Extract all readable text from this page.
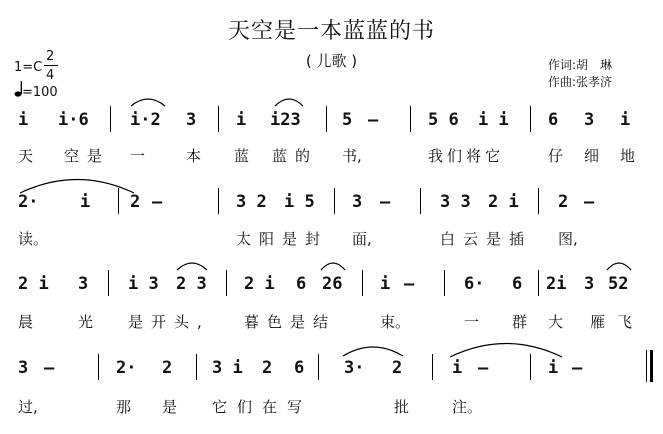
天空是一本蓝蓝的书
( 儿歌 )	作词:胡　琳
作曲:张孝济
1=C
2
4
=100
i i·6 i·2 3 i i23 5 –	5 6 i i 6 3 i
天 空是 一	本 蓝 蓝的 书,	我们将它	仔 细 地
2· i 2 –	3 2 i 5 3 –	3 3 2 i 2 –
读。	太阳是封 面,	白云是插 图,
2 i 3 i 3 2 3 2 i 6 26 i –	6· 6 2i 3 52
晨	光 是开头, 暮色是结	束。	一 群 大 雁飞
3 –	2· 2 3 i 2 6 3· 2	i –	i –
过,	那 是 它们在写	批	注。
